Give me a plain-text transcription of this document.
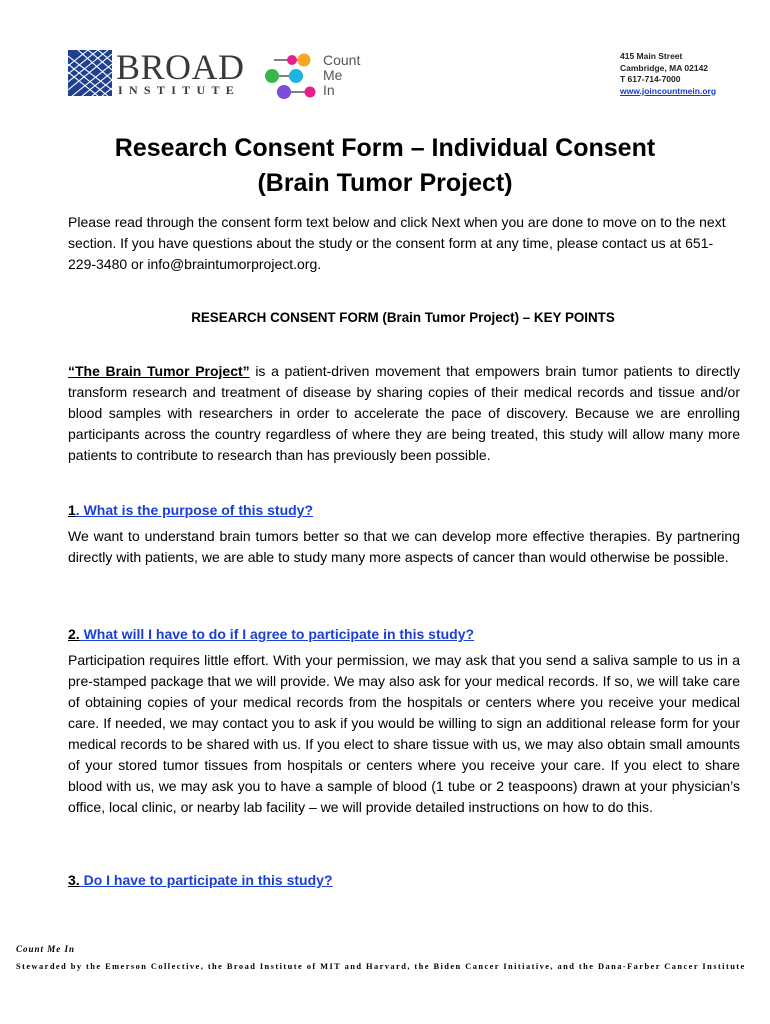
BROAD
INSTITUTE
Count
Me
In
415 Main Street
Cambridge, MA 02142
T 617-714-7000
www.joincountmein.org
Research Consent Form – Individual Consent
(Brain Tumor Project)
Please read through the consent form text below and click Next when you are done to move on to the next section. If you have questions about the study or the consent form at any time, please contact us at 651-229-3480 or info@braintumorproject.org.
RESEARCH CONSENT FORM (Brain Tumor Project) – KEY POINTS
“The Brain Tumor Project” is a patient-driven movement that empowers brain tumor patients to directly transform research and treatment of disease by sharing copies of their medical records and tissue and/or blood samples with researchers in order to accelerate the pace of discovery. Because we are enrolling participants across the country regardless of where they are being treated, this study will allow many more patients to contribute to research than has previously been possible.
1. What is the purpose of this study?
We want to understand brain tumors better so that we can develop more effective therapies. By partnering directly with patients, we are able to study many more aspects of cancer than would otherwise be possible.
2. What will I have to do if I agree to participate in this study?
Participation requires little effort. With your permission, we may ask that you send a saliva sample to us in a pre-stamped package that we will provide. We may also ask for your medical records. If so, we will take care of obtaining copies of your medical records from the hospitals or centers where you receive your medical care. If needed, we may contact you to ask if you would be willing to sign an additional release form for your medical records to be shared with us. If you elect to share tissue with us, we may also obtain small amounts of your stored tumor tissues from hospitals or centers where you receive your care. If you elect to share blood with us, we may ask you to have a sample of blood (1 tube or 2 teaspoons) drawn at your physician’s office, local clinic, or nearby lab facility – we will provide detailed instructions on how to do this.
3. Do I have to participate in this study?
Count Me In
Stewarded by the Emerson Collective, the Broad Institute of MIT and Harvard, the Biden Cancer Initiative, and the Dana-Farber Cancer Institute
